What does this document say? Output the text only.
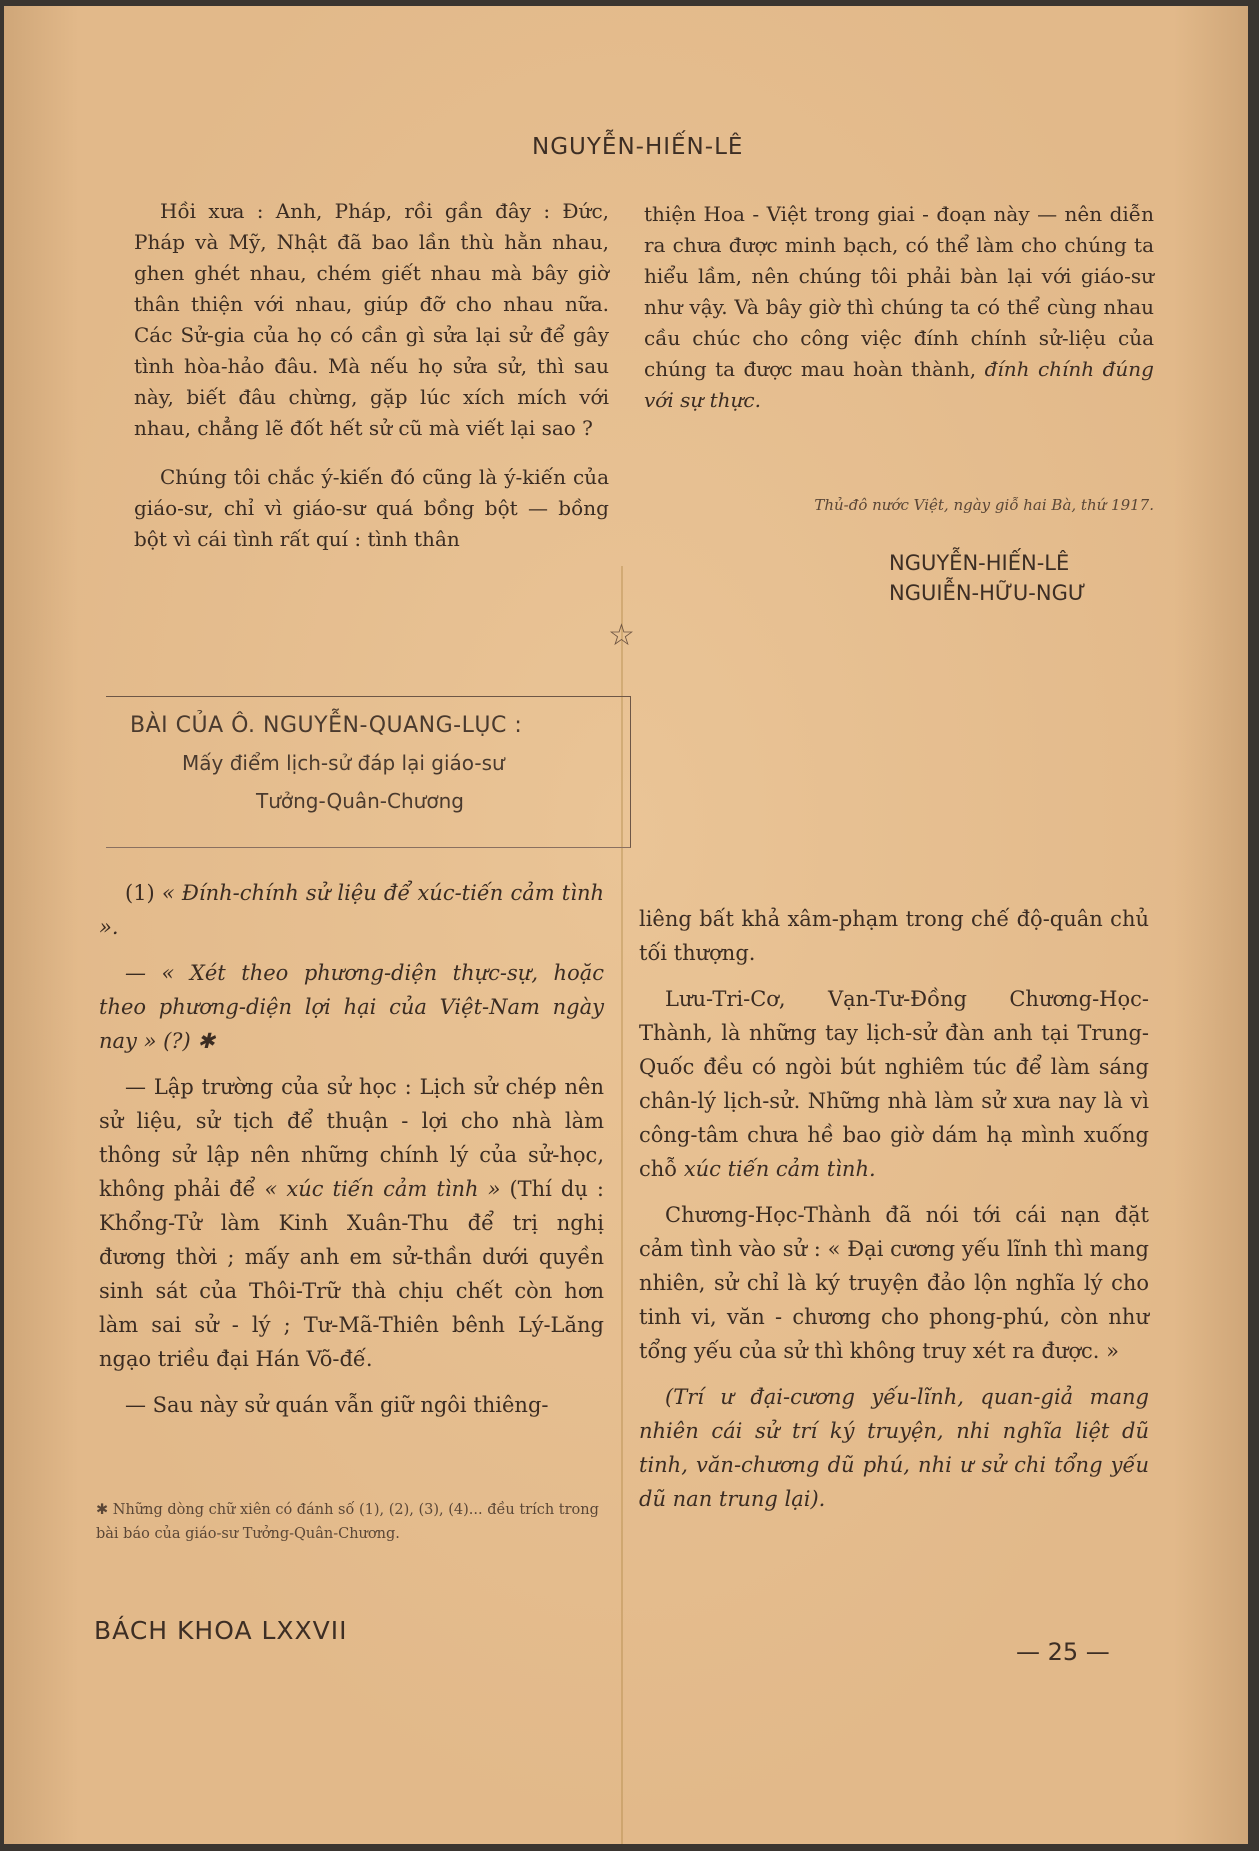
NGUYỄN-HIẾN-LÊ

Hồi xưa : Anh, Pháp, rồi gần đây : Đức, Pháp và Mỹ, Nhật đã bao lần thù hằn nhau, ghen ghét nhau, chém giết nhau mà bây giờ thân thiện với nhau, giúp đỡ cho nhau nữa. Các Sử-gia của họ có cần gì sửa lại sử để gây tình hòa-hảo đâu. Mà nếu họ sửa sử, thì sau này, biết đâu chừng, gặp lúc xích mích với nhau, chẳng lẽ đốt hết sử cũ mà viết lại sao ?

Chúng tôi chắc ý-kiến đó cũng là ý-kiến của giáo-sư, chỉ vì giáo-sư quá bồng bột — bồng bột vì cái tình rất quí : tình thân

thiện Hoa - Việt trong giai - đoạn này — nên diễn ra chưa được minh bạch, có thể làm cho chúng ta hiểu lầm, nên chúng tôi phải bàn lại với giáo-sư như vậy. Và bây giờ thì chúng ta có thể cùng nhau cầu chúc cho công việc đính chính sử-liệu của chúng ta được mau hoàn thành, đính chính đúng với sự thực.

Thủ-đô nước Việt, ngày giỗ hai Bà, thứ 1917.
NGUYỄN-HIẾN-LÊ
NGUIỄN-HỮU-NGƯ
☆
BÀI CỦA Ô. NGUYỄN-QUANG-LỤC :
Mấy điểm lịch-sử đáp lại giáo-sư
Tưởng-Quân-Chương

(1) « Đính-chính sử liệu để xúc-tiến cảm tình ».

— « Xét theo phương-diện thực-sự, hoặc theo phương-diện lợi hại của Việt-Nam ngày nay » (?) ✱

— Lập trường của sử học : Lịch sử chép nên sử liệu, sử tịch để thuận - lợi cho nhà làm thông sử lập nên những chính lý của sử-học, không phải để « xúc tiến cảm tình » (Thí dụ : Khổng-Tử làm Kinh Xuân-Thu để trị nghị đương thời ; mấy anh em sử-thần dưới quyền sinh sát của Thôi-Trữ thà chịu chết còn hơn làm sai sử - lý ; Tư-Mã-Thiên bênh Lý-Lăng ngạo triều đại Hán Võ-đế.

— Sau này sử quán vẫn giữ ngôi thiêng-

✱ Những dòng chữ xiên có đánh số (1), (2), (3), (4)... đều trích trong bài báo của giáo-sư Tưởng-Quân-Chương.

liêng bất khả xâm-phạm trong chế độ-quân chủ tối thượng.

Lưu-Tri-Cơ, Vạn-Tư-Đồng Chương-Học-Thành, là những tay lịch-sử đàn anh tại Trung-Quốc đều có ngòi bút nghiêm túc để làm sáng chân-lý lịch-sử. Những nhà làm sử xưa nay là vì công-tâm chưa hề bao giờ dám hạ mình xuống chỗ xúc tiến cảm tình.

Chương-Học-Thành đã nói tới cái nạn đặt cảm tình vào sử : « Đại cương yếu lĩnh thì mang nhiên, sử chỉ là ký truyện đảo lộn nghĩa lý cho tinh vi, văn - chương cho phong-phú, còn như tổng yếu của sử thì không truy xét ra được. »

(Trí ư đại-cương yếu-lĩnh, quan-giả mang nhiên cái sử trí ký truyện, nhi nghĩa liệt dũ tinh, văn-chương dũ phú, nhi ư sử chi tổng yếu dũ nan trung lại).

BÁCH KHOA LXXVII
— 25 —
